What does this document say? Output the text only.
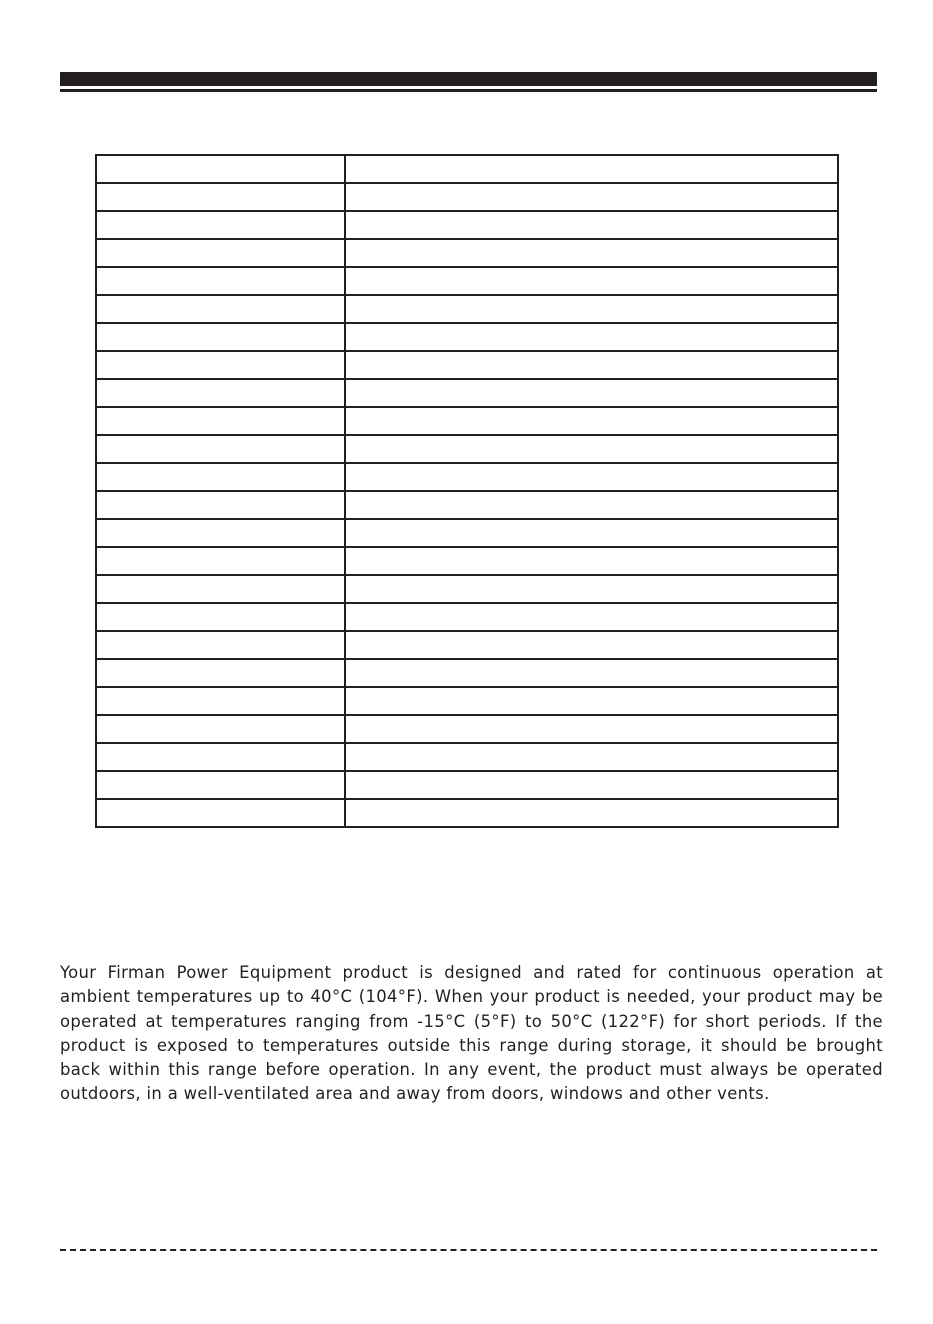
Your Firman Power Equipment product is designed and rated for continuous operation at ambient temperatures up to 40°C (104°F). When your product is needed, your product may be operated at temperatures ranging from -15°C (5°F) to 50°C (122°F) for short periods. If the product is exposed to temperatures outside this range during storage, it should be brought back within this range before operation. In any event, the product must always be operated outdoors, in a well-ventilated area and away from doors, windows and other vents.
